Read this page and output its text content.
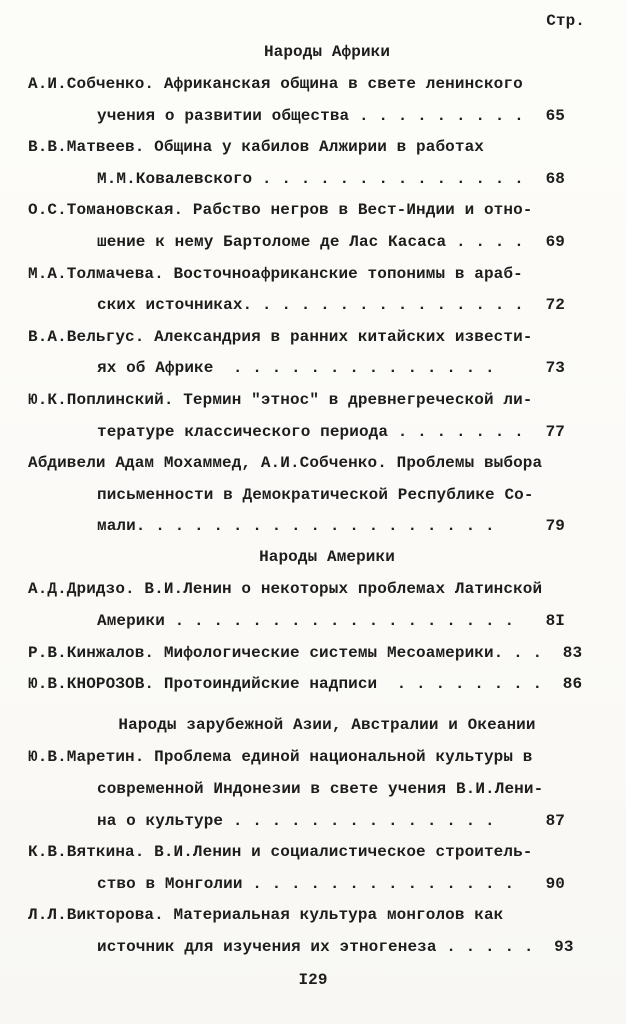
Стр.
Народы Африки
А.И.Собченко. Африканская община в свете ленинского
учения о развитии общества . . . . . . . . .	65
В.В.Матвеев. Община у кабилов Алжирии в работах
М.М.Ковалевского . . . . . . . . . . . . . .	68
О.С.Томановская. Рабство негров в Вест-Индии и отно-
шение к нему Бартоломе де Лас Касаса . . . .	69
М.А.Толмачева. Восточноафриканские топонимы в араб-
ских источниках. . . . . . . . . . . . . . .	72
В.А.Вельгус. Александрия в ранних китайских извести-
ях об Африке  . . . . . . . . . . . . . .	73
Ю.К.Поплинский. Термин "этнос" в древнегреческой ли-
тературе классического периода . . . . . . .	77
Абдивели Адам Мохаммед, А.И.Собченко. Проблемы выбора
письменности в Демократической Республике Со-
мали. . . . . . . . . . . . . . . . . . .	79
Народы Америки
А.Д.Дридзо. В.И.Ленин о некоторых проблемах Латинской
Америки . . . . . . . . . . . . . . . . . .	8I
Р.В.Кинжалов. Мифологические системы Месоамерики. . .	83
Ю.В.КНОРОЗОВ. Протоиндийские надписи  . . . . . . . .	86
Народы зарубежной Азии, Австралии и Океании
Ю.В.Маретин. Проблема единой национальной культуры в
современной Индонезии в свете учения В.И.Лени-
на о культуре . . . . . . . . . . . . . .	87
К.В.Вяткина. В.И.Ленин и социалистическое строитель-
ство в Монголии . . . . . . . . . . . . . .	90
Л.Л.Викторова. Материальная культура монголов как
источник для изучения их этногенеза . . . . .	93
I29
